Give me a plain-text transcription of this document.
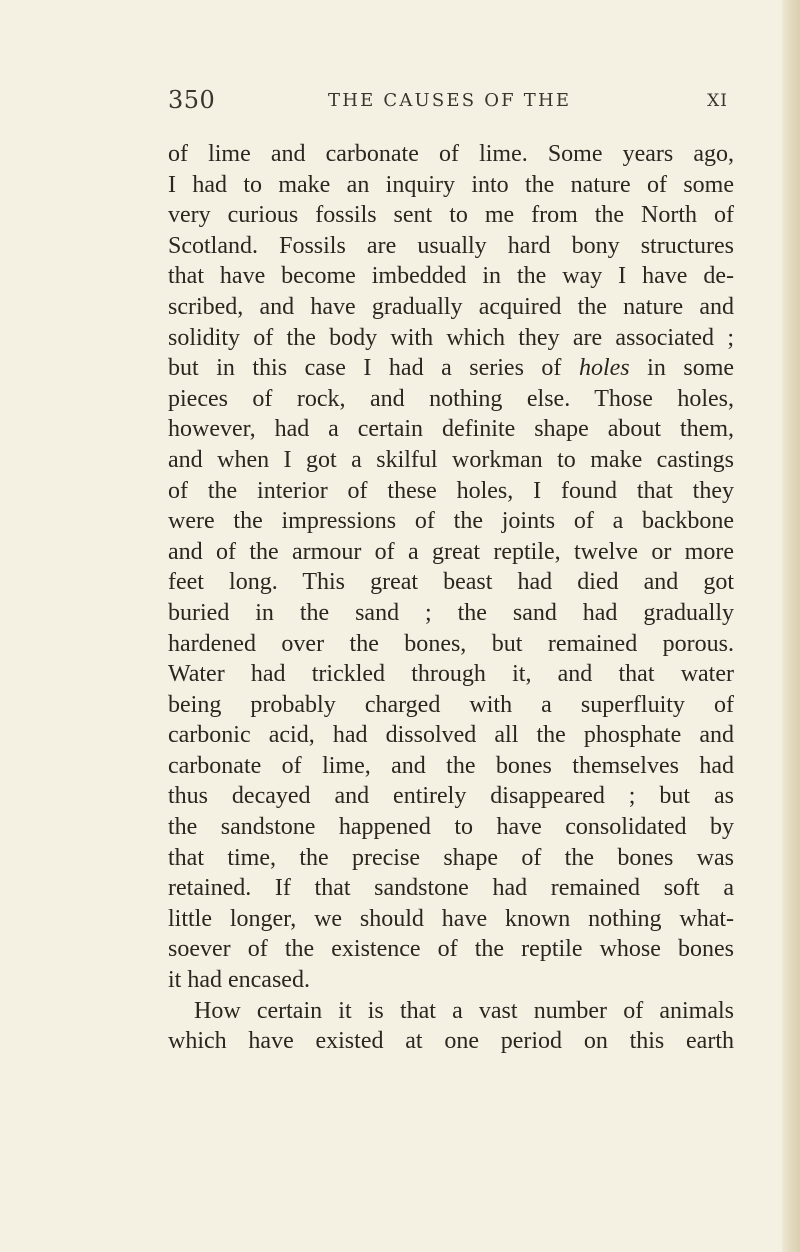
350	THE CAUSES OF THE	XI
of lime and carbonate of lime. Some years ago,
I had to make an inquiry into the nature of some
very curious fossils sent to me from the North of
Scotland. Fossils are usually hard bony structures
that have become imbedded in the way I have de-
scribed, and have gradually acquired the nature and
solidity of the body with which they are associated ;
but in this case I had a series of holes in some
pieces of rock, and nothing else. Those holes,
however, had a certain definite shape about them,
and when I got a skilful workman to make castings
of the interior of these holes, I found that they
were the impressions of the joints of a backbone
and of the armour of a great reptile, twelve or more
feet long. This great beast had died and got
buried in the sand ; the sand had gradually
hardened over the bones, but remained porous.
Water had trickled through it, and that water
being probably charged with a superfluity of
carbonic acid, had dissolved all the phosphate and
carbonate of lime, and the bones themselves had
thus decayed and entirely disappeared ; but as
the sandstone happened to have consolidated by
that time, the precise shape of the bones was
retained. If that sandstone had remained soft a
little longer, we should have known nothing what-
soever of the existence of the reptile whose bones
it had encased.
How certain it is that a vast number of animals
which have existed at one period on this earth
